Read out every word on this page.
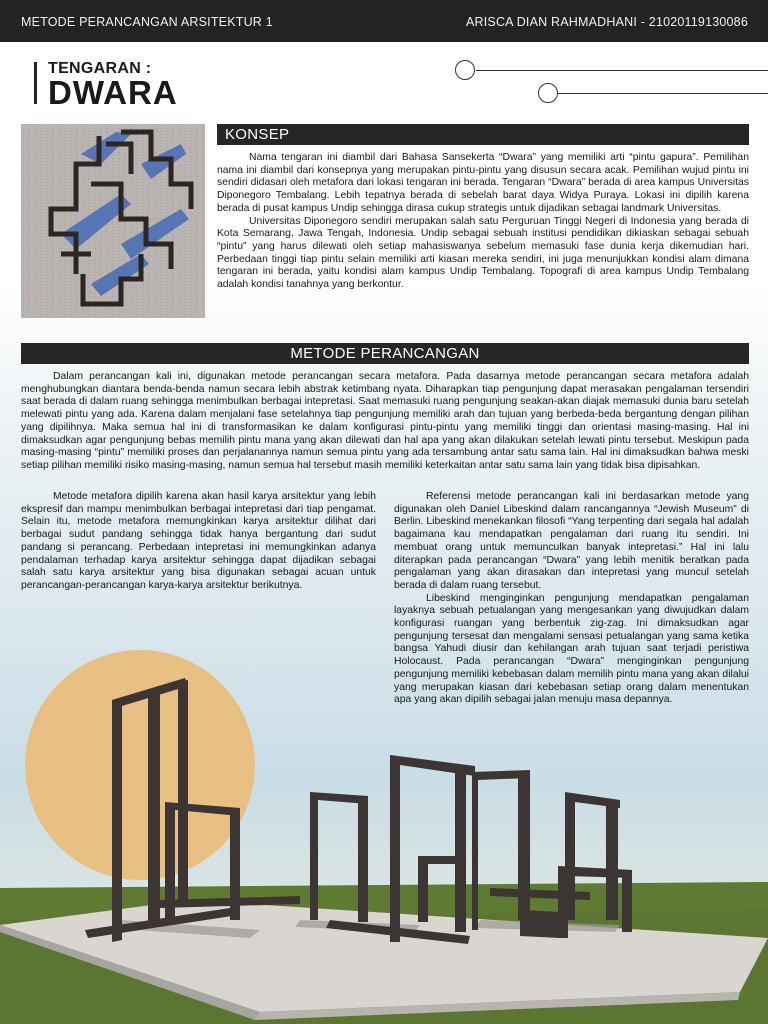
METODE PERANCANGAN ARSITEKTUR 1	ARISCA DIAN RAHMADHANI - 21020119130086
TENGARAN :
DWARA
KONSEP

Nama tengaran ini diambil dari Bahasa Sansekerta “Dwara” yang memiliki arti “pintu gapura”. Pemilihan nama ini diambil dari konsepnya yang merupakan pintu-pintu yang disusun secara acak. Pemilihan wujud pintu ini sendiri didasari oleh metafora dari lokasi tengaran ini berada. Tengaran “Dwara” berada di area kampus Universitas Diponegoro Tembalang. Lebih tepatnya berada di sebelah barat daya Widya Puraya. Lokasi ini dipilih karena berada di pusat kampus Undip sehingga dirasa cukup strategis untuk dijadikan sebagai landmark Universitas.

Universitas Diponegoro sendiri merupakan salah satu Perguruan Tinggi Negeri di Indonesia yang berada di Kota Semarang, Jawa Tengah, Indonesia. Undip sebagai sebuah institusi pendidikan dikiaskan sebagai sebuah “pintu” yang harus dilewati oleh setiap mahasiswanya sebelum memasuki fase dunia kerja dikemudian hari. Perbedaan tinggi tiap pintu selain memiliki arti kiasan mereka sendiri, ini juga menunjukkan kondisi alam dimana tengaran ini berada, yaitu kondisi alam kampus Undip Tembalang. Topografi di area kampus Undip Tembalang adalah kondisi tanahnya yang berkontur.

METODE PERANCANGAN

Dalam perancangan kali ini, digunakan metode perancangan secara metafora. Pada dasarnya metode perancangan secara metafora adalah menghubungkan diantara benda-benda namun secara lebih abstrak ketimbang nyata. Diharapkan tiap pengunjung dapat merasakan pengalaman tersendiri saat berada di dalam ruang sehingga menimbulkan berbagai intepretasi. Saat memasuki ruang pengunjung seakan-akan diajak memasuki dunia baru setelah melewati pintu yang ada. Karena dalam menjalani fase setelahnya tiap pengunjung memiliki arah dan tujuan yang berbeda-beda bergantung dengan pilihan yang dipilihnya. Maka semua hal ini di transformasikan ke dalam konfigurasi pintu-pintu yang memiliki tinggi dan orientasi masing-masing. Hal ini dimaksudkan agar pengunjung bebas memilih pintu mana yang akan dilewati dan hal apa yang akan dilakukan setelah lewati pintu tersebut. Meskipun pada masing-masing “pintu” memiliki proses dan perjalanannya namun semua pintu yang ada tersambung antar satu sama lain. Hal ini dimaksudkan bahwa meski setiap pilihan memiliki risiko masing-masing, namun semua hal tersebut masih memiliki keterkaitan antar satu sama lain yang tidak bisa dipisahkan.

Metode metafora dipilih karena akan hasil karya arsitektur yang lebih ekspresif dan mampu menimbulkan berbagai intepretasi dari tiap pengamat. Selain itu, metode metafora memungkinkan karya arsitektur dilihat dari berbagai sudut pandang sehingga tidak hanya bergantung dari sudut pandang si perancang. Perbedaan intepretasi ini memungkinkan adanya pendalaman terhadap karya arsitektur sehingga dapat dijadikan sebagai salah satu karya arsitektur yang bisa digunakan sebagai acuan untuk perancangan-perancangan karya-karya arsitektur berikutnya.

Referensi metode perancangan kali ini berdasarkan metode yang digunakan oleh Daniel Libeskind dalam rancangannya “Jewish Museum” di Berlin. Libeskind menekankan filosofi “Yang terpenting dari segala hal adalah bagaimana kau mendapatkan pengalaman dari ruang itu sendiri. Ini membuat orang untuk memunculkan banyak intepretasi.” Hal ini lalu diterapkan pada perancangan “Dwara” yang lebih menitik beratkan pada pengalaman yang akan dirasakan dan intepretasi yang muncul setelah berada di dalam ruang tersebut.

Libeskind menginginkan pengunjung mendapatkan pengalaman layaknya sebuah petualangan yang mengesankan yang diwujudkan dalam konfigurasi ruangan yang berbentuk zig-zag. Ini dimaksudkan agar pengunjung tersesat dan mengalami sensasi petualangan yang sama ketika bangsa Yahudi diusir dan kehilangan arah tujuan saat terjadi peristiwa Holocaust. Pada perancangan “Dwara” menginginkan pengunjung pengunjung memiliki kebebasan dalam memilih pintu mana yang akan dilalui yang merupakan kiasan dari kebebasan setiap orang dalam menentukan apa yang akan dipilih sebagai jalan menuju masa depannya.
